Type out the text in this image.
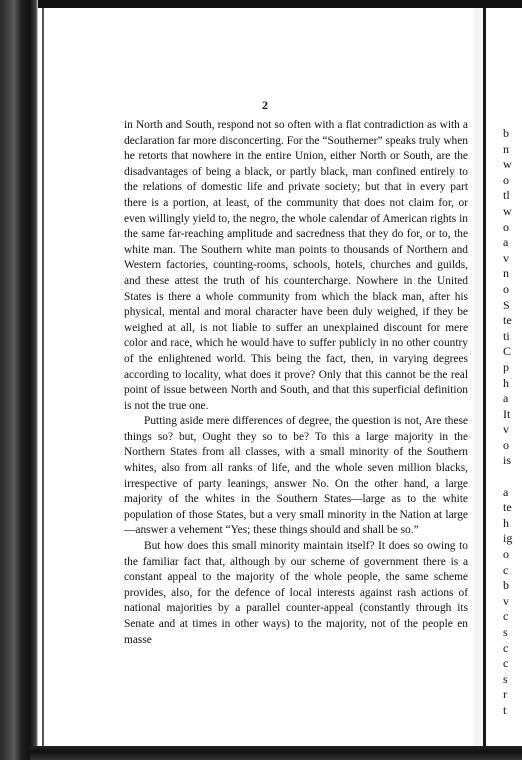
2

in North and South, respond not so often with a flat contradiction as with a declaration far more disconcerting. For the “Southerner” speaks truly when he retorts that nowhere in the entire Union, either North or South, are the disadvantages of being a black, or partly black, man confined entirely to the relations of domestic life and private society; but that in every part there is a portion, at least, of the community that does not claim for, or even willingly yield to, the negro, the whole calendar of American rights in the same far-reaching amplitude and sacredness that they do for, or to, the white man. The Southern white man points to thousands of Northern and Western factories, counting-rooms, schools, hotels, churches and guilds, and these attest the truth of his countercharge. Nowhere in the United States is there a whole community from which the black man, after his physical, mental and moral character have been duly weighed, if they be weighed at all, is not liable to suffer an unexplained discount for mere color and race, which he would have to suffer publicly in no other country of the enlightened world. This being the fact, then, in varying degrees according to locality, what does it prove? Only that this cannot be the real point of issue between North and South, and that this superficial definition is not the true one.

Putting aside mere differences of degree, the question is not, Are these things so? but, Ought they so to be? To this a large majority in the Northern States from all classes, with a small minority of the Southern whites, also from all ranks of life, and the whole seven million blacks, irrespective of party leanings, answer No. On the other hand, a large majority of the whites in the Southern States—large as to the white population of those States, but a very small minority in the Nation at large—answer a vehement “Yes; these things should and shall be so.”

But how does this small minority maintain itself? It does so owing to the familiar fact that, although by our scheme of government there is a constant appeal to the majority of the whole people, the same scheme provides, also, for the defence of local interests against rash actions of national majorities by a parallel counter-appeal (constantly through its Senate and at times in other ways) to the majority, not of the people en masse

b
n
w
o
tl
w
o
a
v
n
o
S
te
ti
C
p
h
a
It
v
o
is
a
te
h
ig
o
c
b
v
c
s
c
c
s
r
t
